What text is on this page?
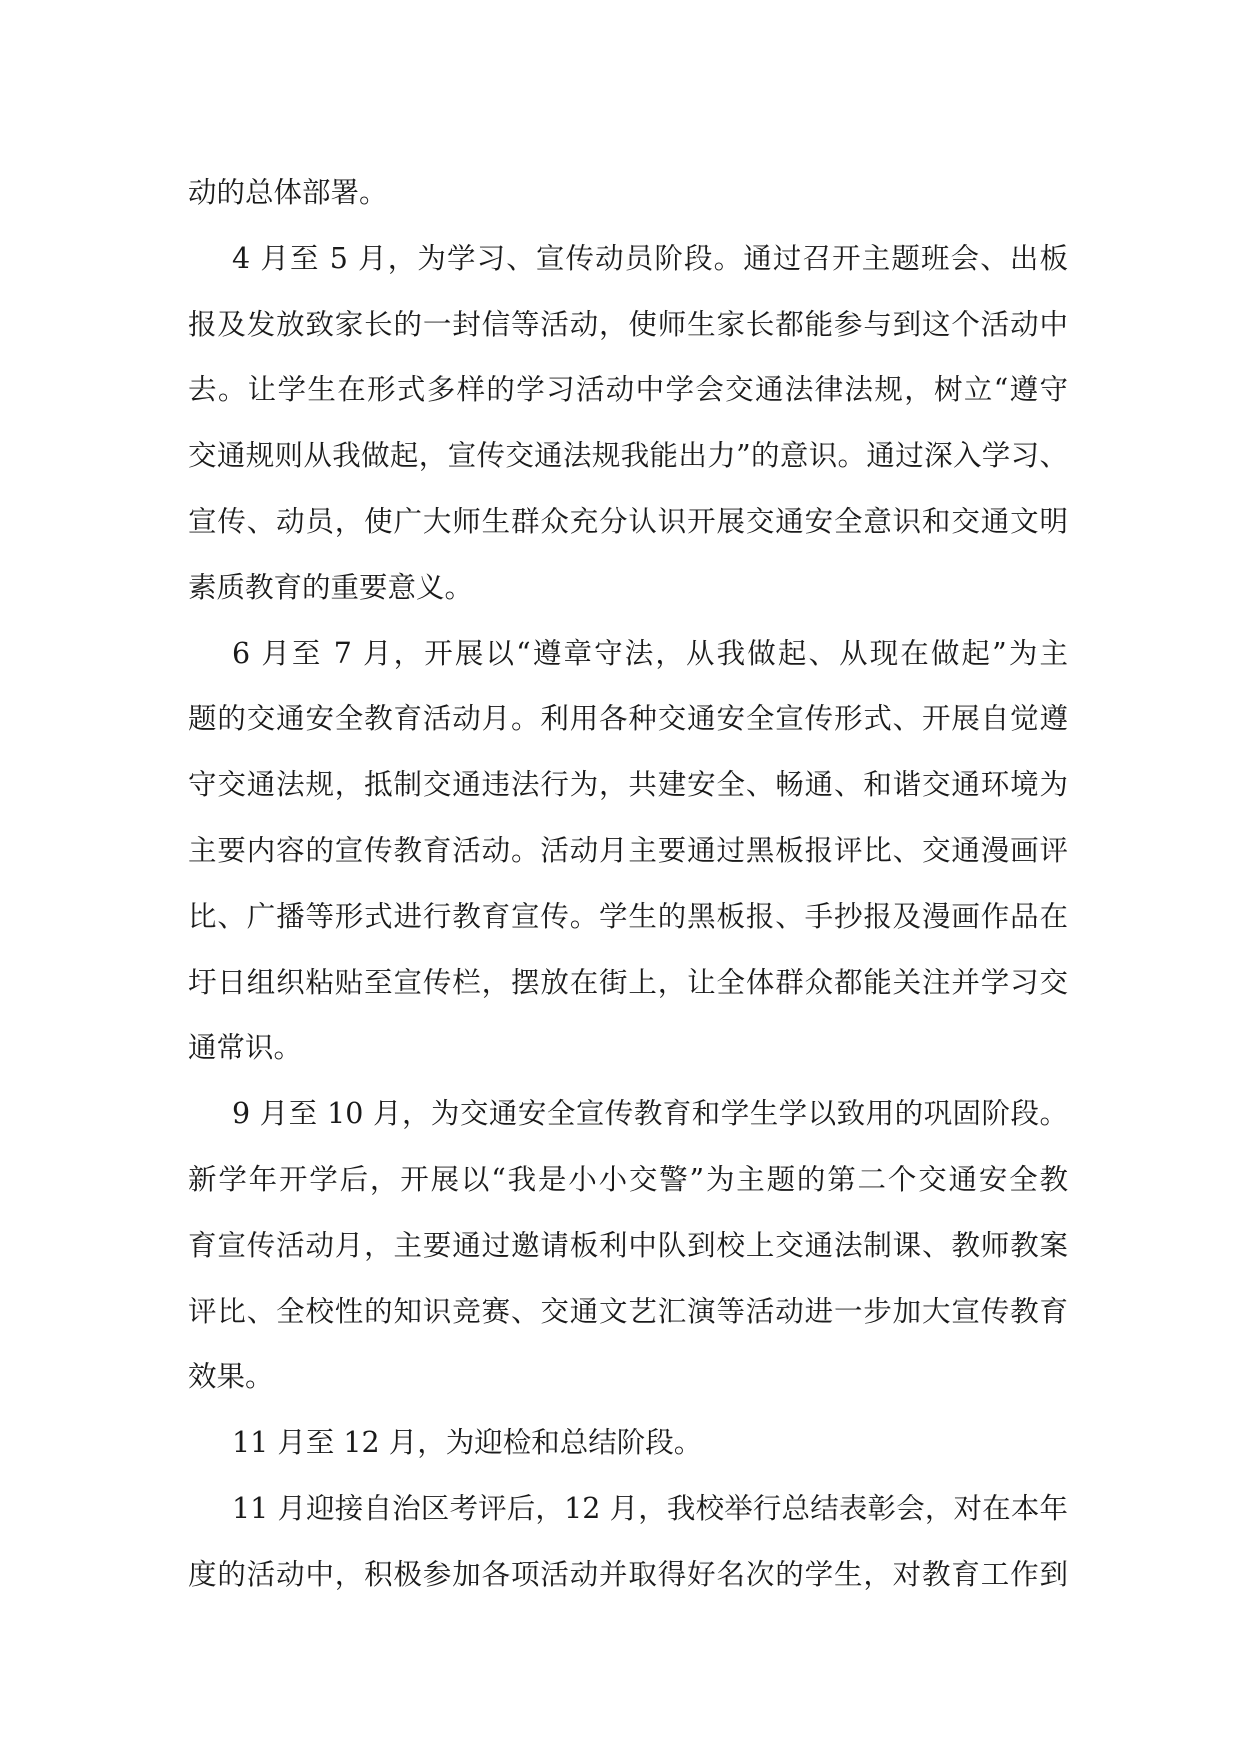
动的总体部署。
4 月至 5 月，为学习、宣传动员阶段。通过召开主题班会、出板
报及发放致家长的一封信等活动，使师生家长都能参与到这个活动中
去。让学生在形式多样的学习活动中学会交通法律法规，树立“遵守
交通规则从我做起，宣传交通法规我能出力”的意识。通过深入学习、
宣传、动员，使广大师生群众充分认识开展交通安全意识和交通文明
素质教育的重要意义。
6 月至 7 月，开展以“遵章守法，从我做起、从现在做起”为主
题的交通安全教育活动月。利用各种交通安全宣传形式、开展自觉遵
守交通法规，抵制交通违法行为，共建安全、畅通、和谐交通环境为
主要内容的宣传教育活动。活动月主要通过黑板报评比、交通漫画评
比、广播等形式进行教育宣传。学生的黑板报、手抄报及漫画作品在
圩日组织粘贴至宣传栏，摆放在街上，让全体群众都能关注并学习交
通常识。
9 月至 10 月，为交通安全宣传教育和学生学以致用的巩固阶段。
新学年开学后，开展以“我是小小交警”为主题的第二个交通安全教
育宣传活动月，主要通过邀请板利中队到校上交通法制课、教师教案
评比、全校性的知识竞赛、交通文艺汇演等活动进一步加大宣传教育
效果。
11 月至 12 月，为迎检和总结阶段。
11 月迎接自治区考评后，12 月，我校举行总结表彰会，对在本年
度的活动中，积极参加各项活动并取得好名次的学生，对教育工作到
